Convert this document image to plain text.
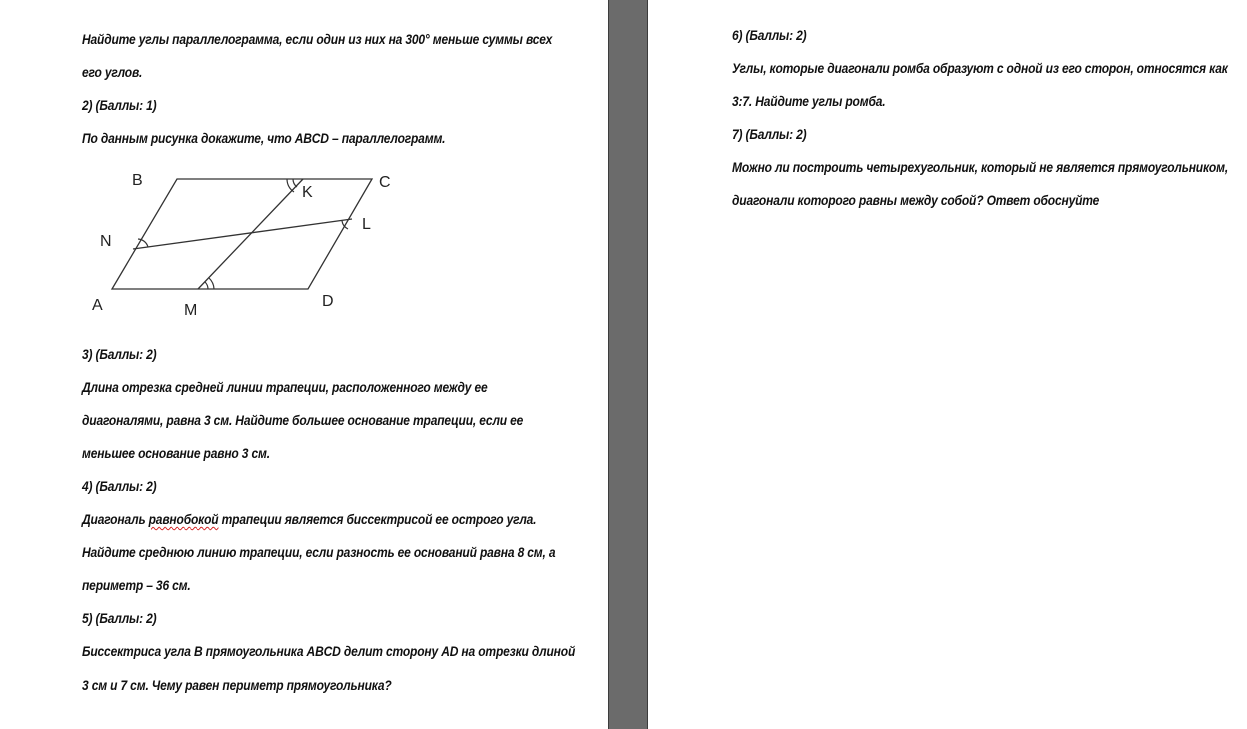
Найдите углы параллелограмма, если один из них на 300° меньше суммы всех
его углов.
2) (Баллы: 1)
По данным рисунка докажите, что ABCD – параллелограмм.
B	C
K
N
L
A	M
D
3) (Баллы: 2)
Длина отрезка средней линии трапеции, расположенного между ее
диагоналями, равна 3 см. Найдите большее основание трапеции, если ее
меньшее основание равно 3 см.
4) (Баллы: 2)
Диагональ равнобокой трапеции является биссектрисой ее острого угла.
Найдите среднюю линию трапеции, если разность ее оснований равна 8 см, а
периметр – 36 см.
5) (Баллы: 2)
Биссектриса угла B прямоугольника ABCD делит сторону AD на отрезки длиной
3 см и 7 см. Чему равен периметр прямоугольника?
6) (Баллы: 2)
Углы, которые диагонали ромба образуют с одной из его сторон, относятся как
3:7. Найдите углы ромба.
7) (Баллы: 2)
Можно ли построить четырехугольник, который не является прямоугольником,
диагонали которого равны между собой? Ответ обоснуйте
